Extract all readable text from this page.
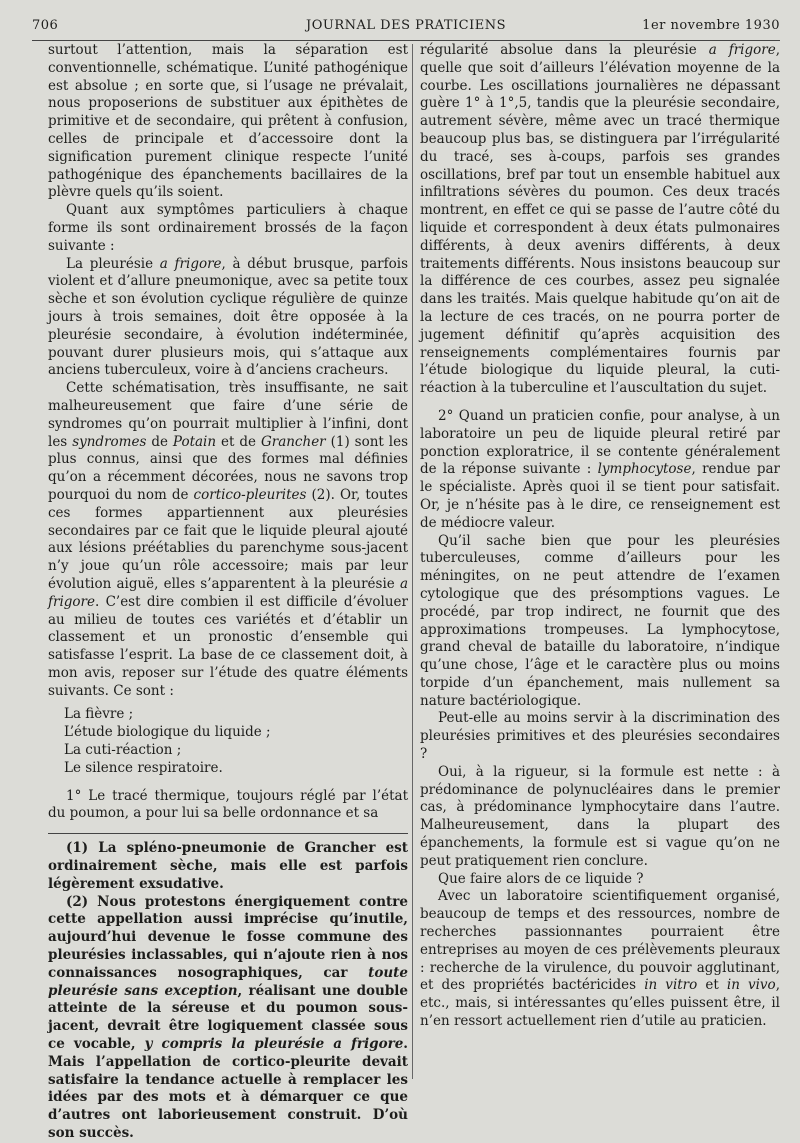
706	JOURNAL DES PRATICIENS	1er novembre 1930

surtout l’attention, mais la séparation est conventionnelle, schématique. L’unité pathogénique est absolue ; en sorte que, si l’usage ne prévalait, nous proposerions de substituer aux épithètes de primitive et de secondaire, qui prêtent à confusion, celles de principale et d’accessoire dont la signification purement clinique respecte l’unité pathogénique des épanchements bacillaires de la plèvre quels qu’ils soient.

Quant aux symptômes particuliers à chaque forme ils sont ordinairement brossés de la façon suivante :

La pleurésie a frigore, à début brusque, parfois violent et d’allure pneumonique, avec sa petite toux sèche et son évolution cyclique régulière de quinze jours à trois semaines, doit être opposée à la pleurésie secondaire, à évolution indéterminée, pouvant durer plusieurs mois, qui s’attaque aux anciens tuberculeux, voire à d’anciens cracheurs.

Cette schématisation, très insuffisante, ne sait malheureusement que faire d’une série de syndromes qu’on pourrait multiplier à l’infini, dont les syndromes de Potain et de Grancher (1) sont les plus connus, ainsi que des formes mal définies qu’on a récemment décorées, nous ne savons trop pourquoi du nom de cortico-pleurites (2). Or, toutes ces formes appartiennent aux pleurésies secondaires par ce fait que le liquide pleural ajouté aux lésions préétablies du parenchyme sous-jacent n’y joue qu’un rôle accessoire; mais par leur évolution aiguë, elles s’apparentent à la pleurésie a frigore. C’est dire combien il est difficile d’évoluer au milieu de toutes ces variétés et d’établir un classement et un pronostic d’ensemble qui satisfasse l’esprit. La base de ce classement doit, à mon avis, reposer sur l’étude des quatre éléments suivants. Ce sont :

La fièvre ;
L’étude biologique du liquide ;
La cuti-réaction ;
Le silence respiratoire.

1° Le tracé thermique, toujours réglé par l’état du poumon, a pour lui sa belle ordonnance et sa

(1) La spléno-pneumonie de Grancher est ordinairement sèche, mais elle est parfois légèrement exsudative.

(2) Nous protestons énergiquement contre cette appellation aussi imprécise qu’inutile, aujourd’hui devenue le fosse commune des pleurésies inclassables, qui n’ajoute rien à nos connaissances nosographiques, car toute pleurésie sans exception, réalisant une double atteinte de la séreuse et du poumon sous-jacent, devrait être logiquement classée sous ce vocable, y compris la pleurésie a frigore. Mais l’appellation de cortico-pleurite devait satisfaire la tendance actuelle à remplacer les idées par des mots et à démarquer ce que d’autres ont laborieusement construit. D’où son succès.

régularité absolue dans la pleurésie a frigore, quelle que soit d’ailleurs l’élévation moyenne de la courbe. Les oscillations journalières ne dépassant guère 1° à 1°,5, tandis que la pleurésie secondaire, autrement sévère, même avec un tracé thermique beaucoup plus bas, se distinguera par l’irrégularité du tracé, ses à-coups, parfois ses grandes oscillations, bref par tout un ensemble habituel aux infiltrations sévères du poumon. Ces deux tracés montrent, en effet ce qui se passe de l’autre côté du liquide et correspondent à deux états pulmonaires différents, à deux avenirs différents, à deux traitements différents. Nous insistons beaucoup sur la différence de ces courbes, assez peu signalée dans les traités. Mais quelque habitude qu’on ait de la lecture de ces tracés, on ne pourra porter de jugement définitif qu’après acquisition des renseignements complémentaires fournis par l’étude biologique du liquide pleural, la cuti-réaction à la tuberculine et l’auscultation du sujet.

2° Quand un praticien confie, pour analyse, à un laboratoire un peu de liquide pleural retiré par ponction exploratrice, il se contente généralement de la réponse suivante : lymphocytose, rendue par le spécialiste. Après quoi il se tient pour satisfait. Or, je n’hésite pas à le dire, ce renseignement est de médiocre valeur.

Qu’il sache bien que pour les pleurésies tuberculeuses, comme d’ailleurs pour les méningites, on ne peut attendre de l’examen cytologique que des présomptions vagues. Le procédé, par trop indirect, ne fournit que des approximations trompeuses. La lymphocytose, grand cheval de bataille du laboratoire, n’indique qu’une chose, l’âge et le caractère plus ou moins torpide d’un épanchement, mais nullement sa nature bactériologique.

Peut-elle au moins servir à la discrimination des pleurésies primitives et des pleurésies secondaires ?

Oui, à la rigueur, si la formule est nette : à prédominance de polynucléaires dans le premier cas, à prédominance lymphocytaire dans l’autre. Malheureusement, dans la plupart des épanchements, la formule est si vague qu’on ne peut pratiquement rien conclure.

Que faire alors de ce liquide ?

Avec un laboratoire scientifiquement organisé, beaucoup de temps et des ressources, nombre de recherches passionnantes pourraient être entreprises au moyen de ces prélèvements pleuraux : recherche de la virulence, du pouvoir agglutinant, et des propriétés bactéricides in vitro et in vivo, etc., mais, si intéressantes qu’elles puissent être, il n’en ressort actuellement rien d’utile au praticien.
